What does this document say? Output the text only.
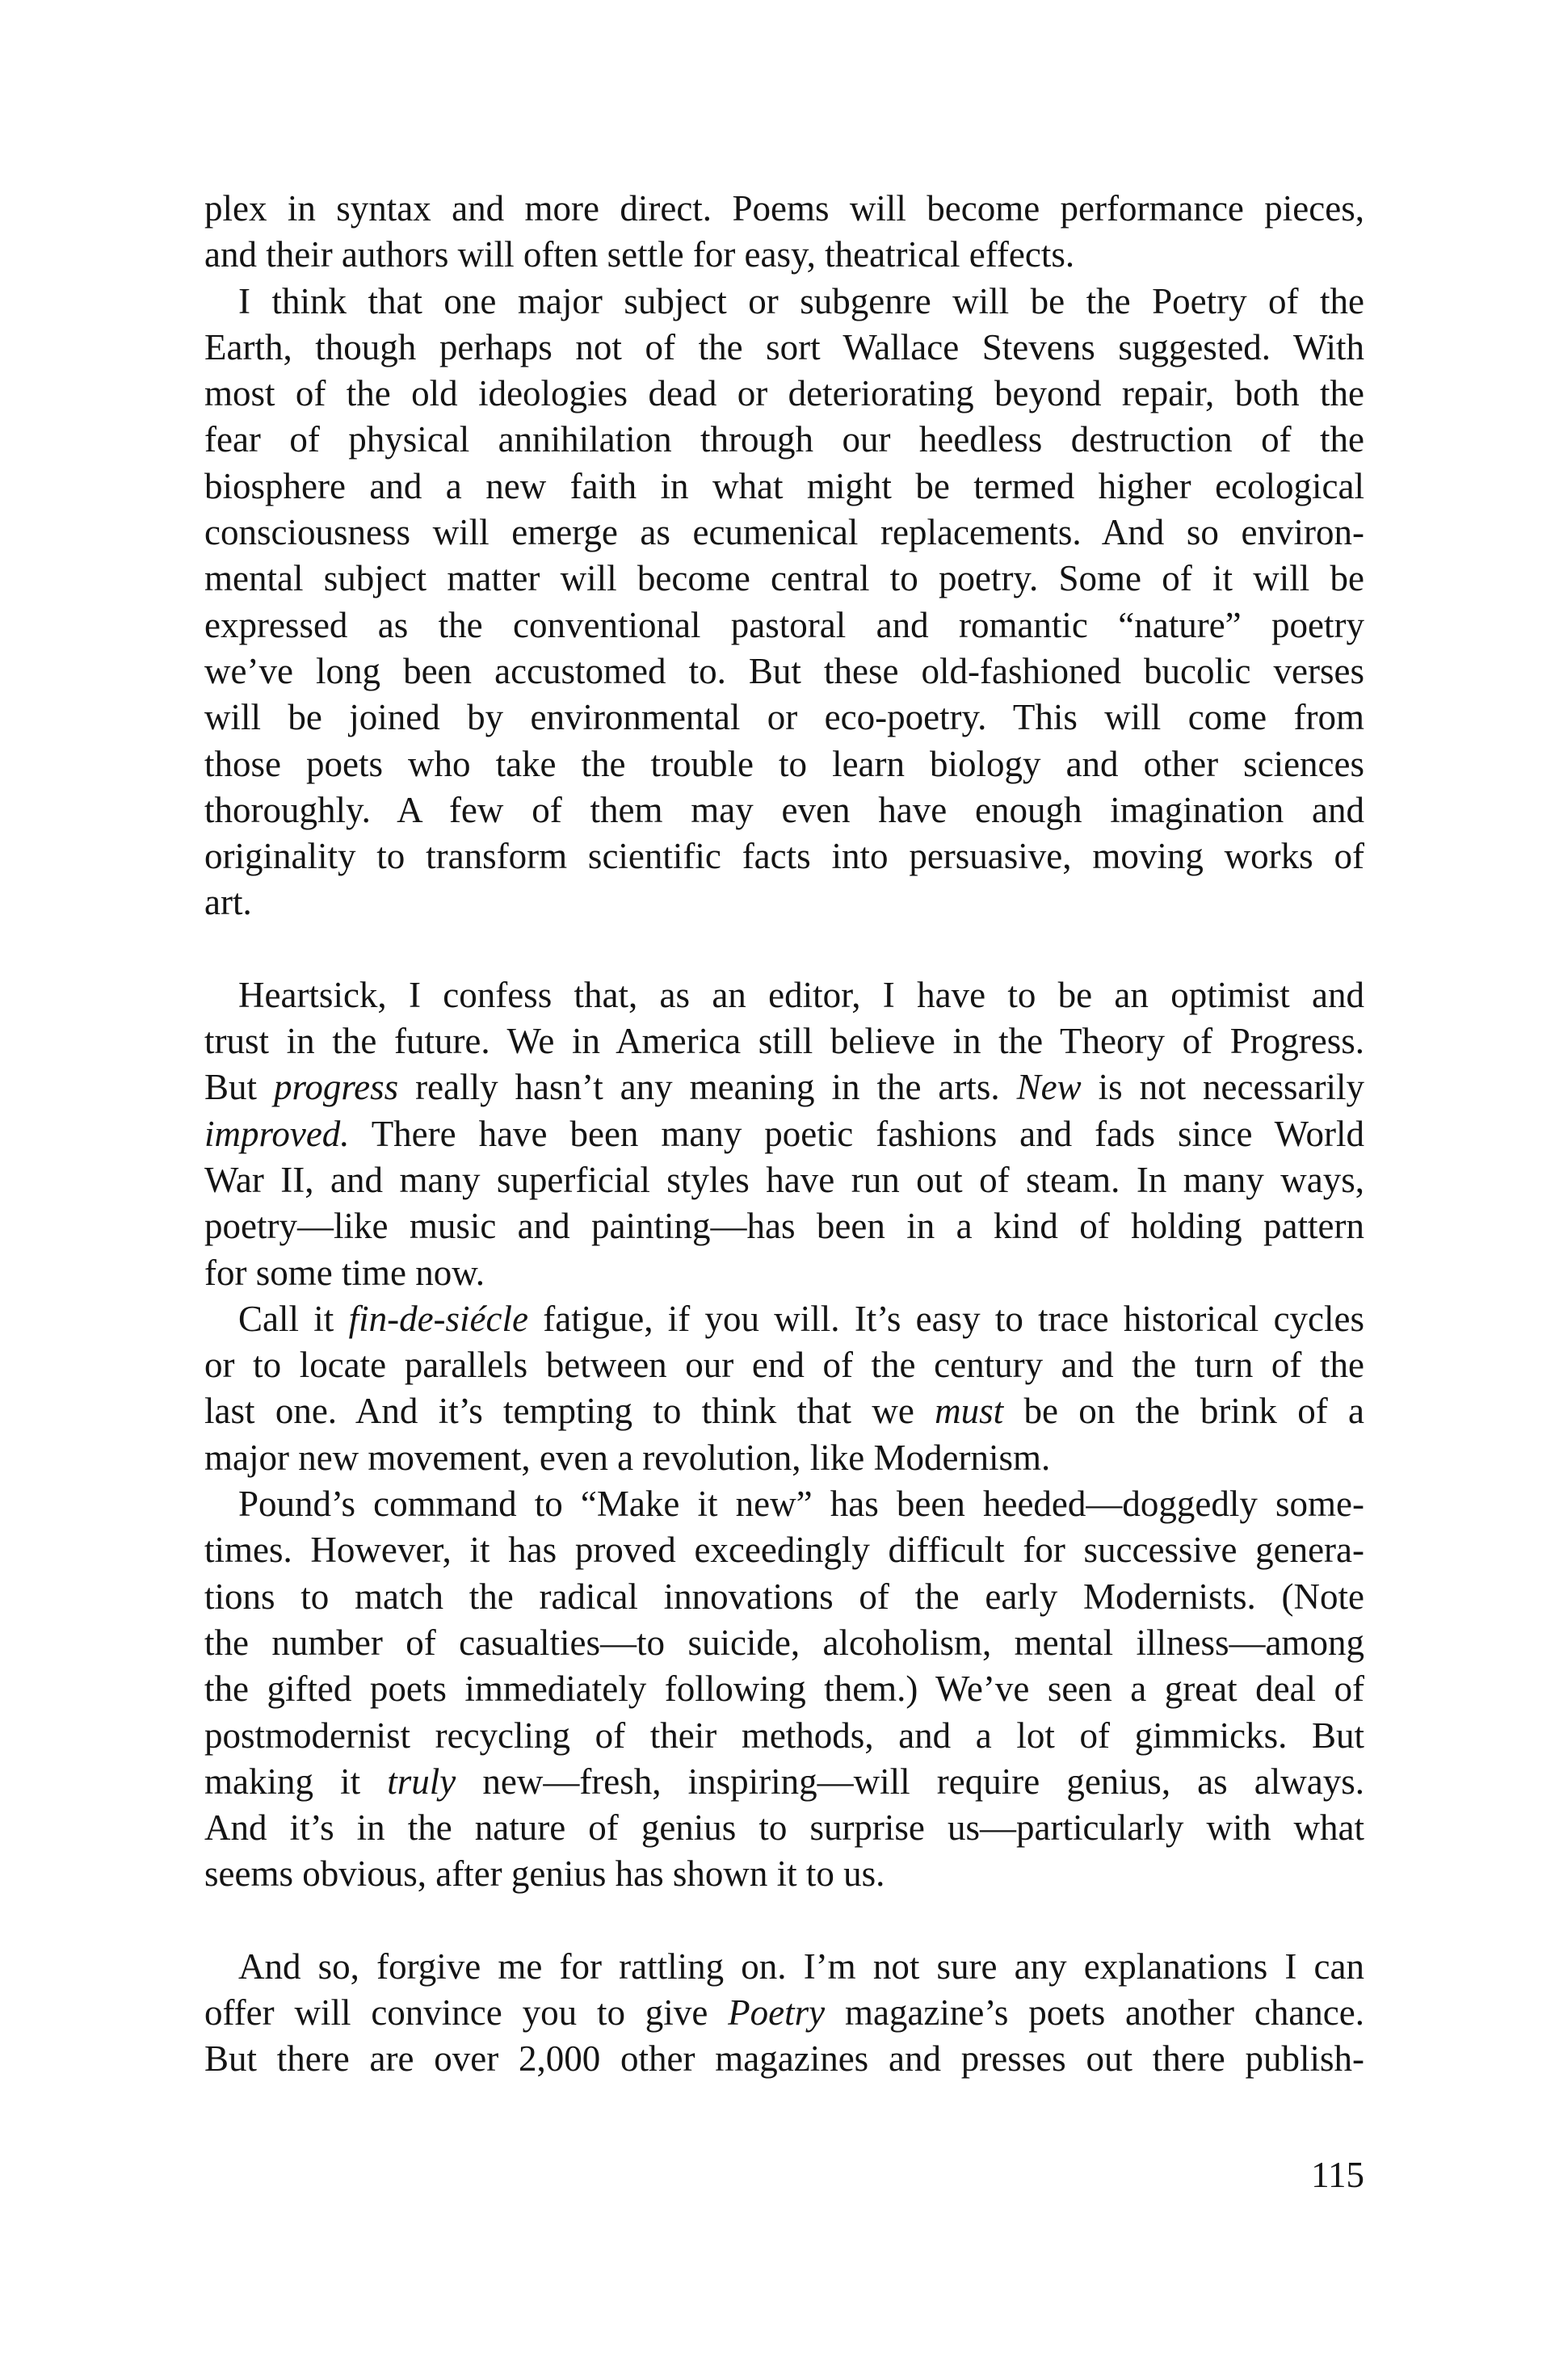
plex in syntax and more direct. Poems will become performance pieces,
and their authors will often settle for easy, theatrical effects.
I think that one major subject or subgenre will be the Poetry of the
Earth, though perhaps not of the sort Wallace Stevens suggested. With
most of the old ideologies dead or deteriorating beyond repair, both the
fear of physical annihilation through our heedless destruction of the
biosphere and a new faith in what might be termed higher ecological
consciousness will emerge as ecumenical replacements. And so environ-
mental subject matter will become central to poetry. Some of it will be
expressed as the conventional pastoral and romantic “nature” poetry
we’ve long been accustomed to. But these old-fashioned bucolic verses
will be joined by environmental or eco-poetry. This will come from
those poets who take the trouble to learn biology and other sciences
thoroughly. A few of them may even have enough imagination and
originality to transform scientific facts into persuasive, moving works of
art.
Heartsick, I confess that, as an editor, I have to be an optimist and
trust in the future. We in America still believe in the Theory of Progress.
But progress really hasn’t any meaning in the arts. New is not necessarily
improved. There have been many poetic fashions and fads since World
War II, and many superficial styles have run out of steam. In many ways,
poetry—like music and painting—has been in a kind of holding pattern
for some time now.
Call it fin-de-siécle fatigue, if you will. It’s easy to trace historical cycles
or to locate parallels between our end of the century and the turn of the
last one. And it’s tempting to think that we must be on the brink of a
major new movement, even a revolution, like Modernism.
Pound’s command to “Make it new” has been heeded—doggedly some-
times. However, it has proved exceedingly difficult for successive genera-
tions to match the radical innovations of the early Modernists. (Note
the number of casualties—to suicide, alcoholism, mental illness—among
the gifted poets immediately following them.) We’ve seen a great deal of
postmodernist recycling of their methods, and a lot of gimmicks. But
making it truly new—fresh, inspiring—will require genius, as always.
And it’s in the nature of genius to surprise us—particularly with what
seems obvious, after genius has shown it to us.
And so, forgive me for rattling on. I’m not sure any explanations I can
offer will convince you to give Poetry magazine’s poets another chance.
But there are over 2,000 other magazines and presses out there publish-
115
